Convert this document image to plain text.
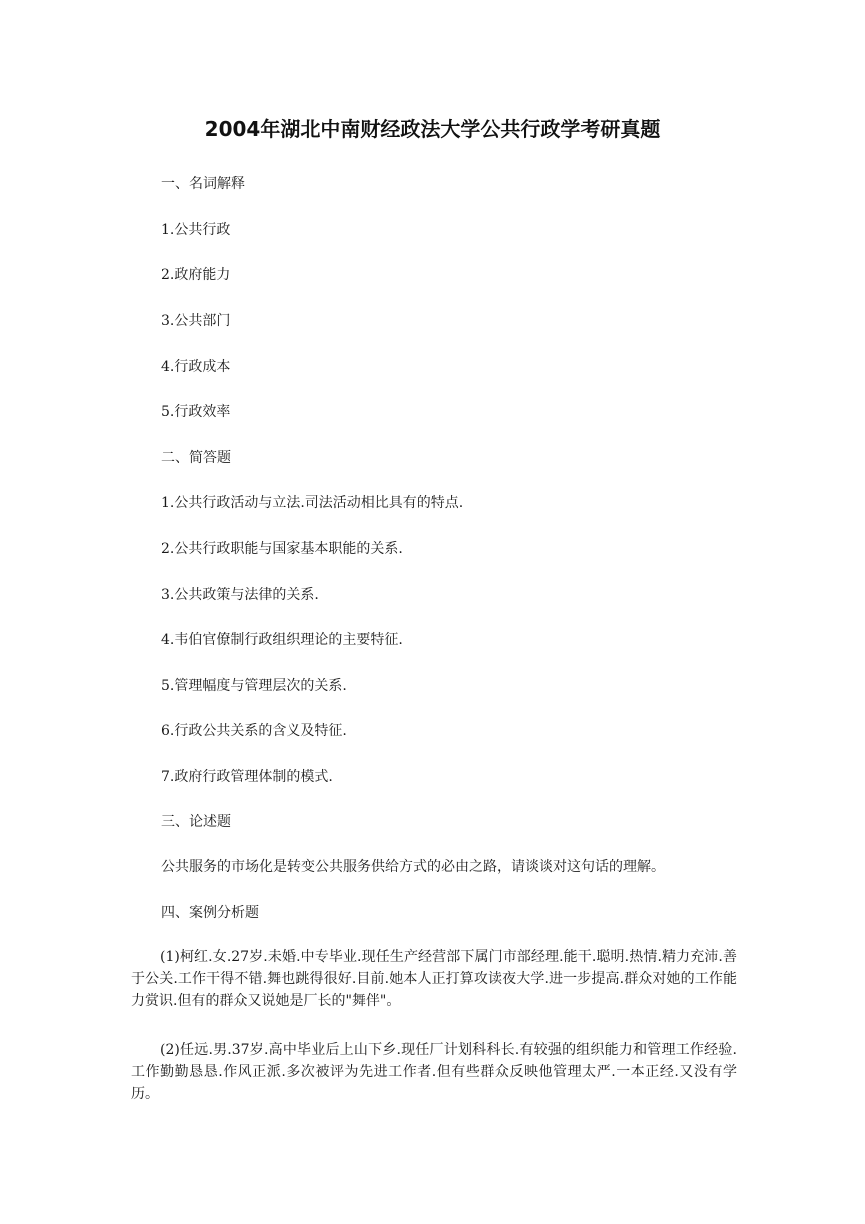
2004年湖北中南财经政法大学公共行政学考研真题
一、名词解释
1.公共行政
2.政府能力
3.公共部门
4.行政成本
5.行政效率
二、简答题
1.公共行政活动与立法.司法活动相比具有的特点.
2.公共行政职能与国家基本职能的关系.
3.公共政策与法律的关系.
4.韦伯官僚制行政组织理论的主要特征.
5.管理幅度与管理层次的关系.
6.行政公共关系的含义及特征.
7.政府行政管理体制的模式.
三、论述题
公共服务的市场化是转变公共服务供给方式的必由之路，请谈谈对这句话的理解。
四、案例分析题
(1)柯红.女.27岁.未婚.中专毕业.现任生产经营部下属门市部经理.能干.聪明.热情.精力充沛.善于公关.工作干得不错.舞也跳得很好.目前.她本人正打算攻读夜大学.进一步提高.群众对她的工作能力赏识.但有的群众又说她是厂长的"舞伴"。
(2)任远.男.37岁.高中毕业后上山下乡.现任厂计划科科长.有较强的组织能力和管理工作经验.工作勤勤恳恳.作风正派.多次被评为先进工作者.但有些群众反映他管理太严.一本正经.又没有学历。
